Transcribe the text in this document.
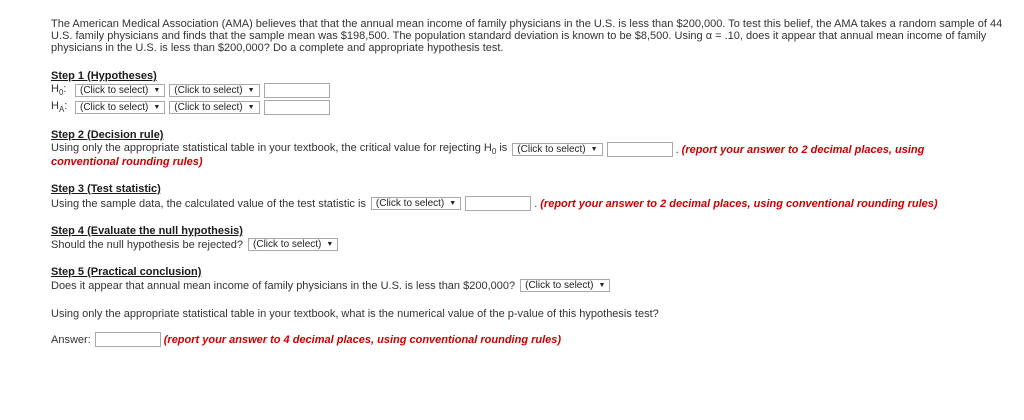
The American Medical Association (AMA) believes that that the annual mean income of family physicians in the U.S. is less than $200,000. To test this belief, the AMA takes a random sample of 44 U.S. family physicians and finds that the sample mean was $198,500. The population standard deviation is known to be $8,500. Using α = .10, does it appear that annual mean income of family physicians in the U.S. is less than $200,000? Do a complete and appropriate hypothesis test.
Step 1 (Hypotheses)
$H_0$:	(Click to select) ▼ (Click to select) ▼
$H_A$:	(Click to select) ▼ (Click to select) ▼
Step 2 (Decision rule)
Using only the appropriate statistical table in your textbook, the critical value for rejecting $H_0$ is (Click to select) ▼	. (report your answer to 2 decimal places, using
conventional rounding rules)
Step 3 (Test statistic)
Using the sample data, the calculated value of the test statistic is (Click to select) ▼	. (report your answer to 2 decimal places, using conventional rounding rules)
Step 4 (Evaluate the null hypothesis)
Should the null hypothesis be rejected? (Click to select) ▼
Step 5 (Practical conclusion)
Does it appear that annual mean income of family physicians in the U.S. is less than $200,000? (Click to select) ▼
Using only the appropriate statistical table in your textbook, what is the numerical value of the p-value of this hypothesis test?
Answer:	(report your answer to 4 decimal places, using conventional rounding rules)
